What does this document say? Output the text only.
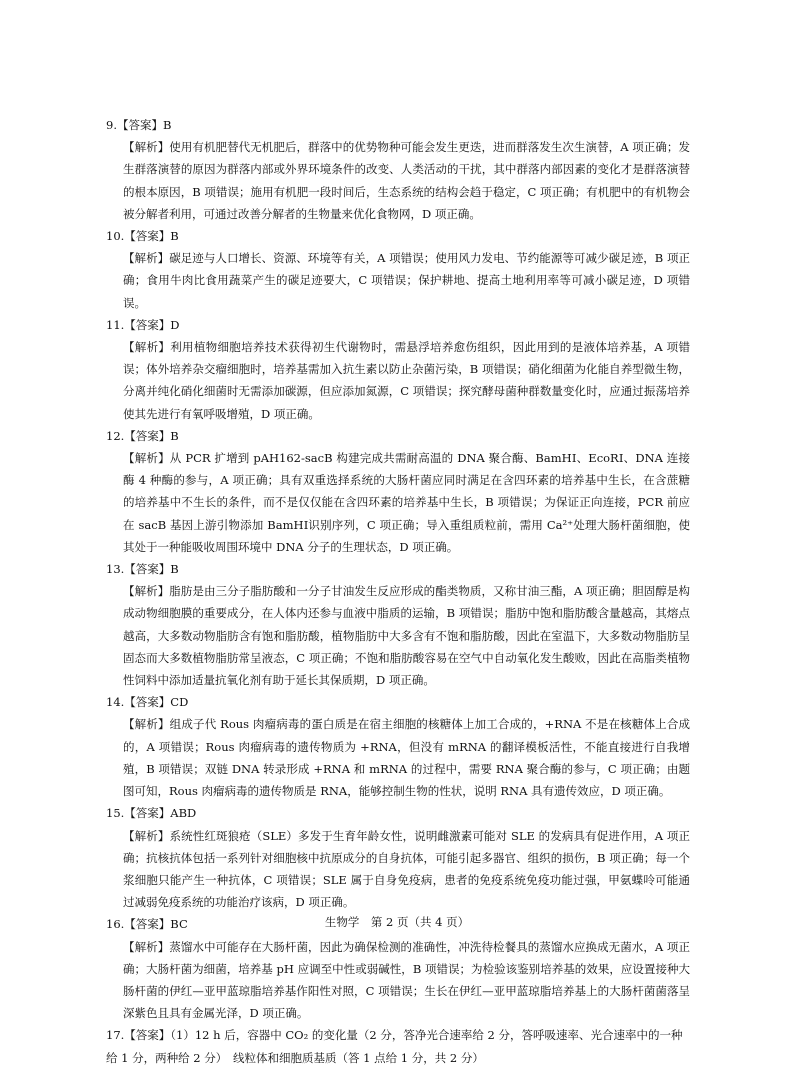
9.【答案】B

【解析】使用有机肥替代无机肥后，群落中的优势物种可能会发生更迭，进而群落发生次生演替，A 项正确；发生群落演替的原因为群落内部或外界环境条件的改变、人类活动的干扰，其中群落内部因素的变化才是群落演替的根本原因，B 项错误；施用有机肥一段时间后，生态系统的结构会趋于稳定，C 项正确；有机肥中的有机物会被分解者利用，可通过改善分解者的生物量来优化食物网，D 项正确。

10.【答案】B

【解析】碳足迹与人口增长、资源、环境等有关，A 项错误；使用风力发电、节约能源等可减少碳足迹，B 项正确；食用牛肉比食用蔬菜产生的碳足迹要大，C 项错误；保护耕地、提高土地利用率等可减小碳足迹，D 项错误。

11.【答案】D

【解析】利用植物细胞培养技术获得初生代谢物时，需悬浮培养愈伤组织，因此用到的是液体培养基，A 项错误；体外培养杂交瘤细胞时，培养基需加入抗生素以防止杂菌污染，B 项错误；硝化细菌为化能自养型微生物，分离并纯化硝化细菌时无需添加碳源，但应添加氮源，C 项错误；探究酵母菌种群数量变化时，应通过振荡培养使其先进行有氧呼吸增殖，D 项正确。

12.【答案】B

【解析】从 PCR 扩增到 pAH162-sacB 构建完成共需耐高温的 DNA 聚合酶、BamHⅠ、EcoRⅠ、DNA 连接酶 4 种酶的参与，A 项正确；具有双重选择系统的大肠杆菌应同时满足在含四环素的培养基中生长，在含蔗糖的培养基中不生长的条件，而不是仅仅能在含四环素的培养基中生长，B 项错误；为保证正向连接，PCR 前应在 sacB 基因上游引物添加 BamHⅠ识别序列，C 项正确；导入重组质粒前，需用 Ca²⁺处理大肠杆菌细胞，使其处于一种能吸收周围环境中 DNA 分子的生理状态，D 项正确。

13.【答案】B

【解析】脂肪是由三分子脂肪酸和一分子甘油发生反应形成的酯类物质，又称甘油三酯，A 项正确；胆固醇是构成动物细胞膜的重要成分，在人体内还参与血液中脂质的运输，B 项错误；脂肪中饱和脂肪酸含量越高，其熔点越高，大多数动物脂肪含有饱和脂肪酸，植物脂肪中大多含有不饱和脂肪酸，因此在室温下，大多数动物脂肪呈固态而大多数植物脂肪常呈液态，C 项正确；不饱和脂肪酸容易在空气中自动氧化发生酸败，因此在高脂类植物性饲料中添加适量抗氧化剂有助于延长其保质期，D 项正确。

14.【答案】CD

【解析】组成子代 Rous 肉瘤病毒的蛋白质是在宿主细胞的核糖体上加工合成的，+RNA 不是在核糖体上合成的，A 项错误；Rous 肉瘤病毒的遗传物质为 +RNA，但没有 mRNA 的翻译模板活性，不能直接进行自我增殖，B 项错误；双链 DNA 转录形成 +RNA 和 mRNA 的过程中，需要 RNA 聚合酶的参与，C 项正确；由题图可知，Rous 肉瘤病毒的遗传物质是 RNA，能够控制生物的性状，说明 RNA 具有遗传效应，D 项正确。

15.【答案】ABD

【解析】系统性红斑狼疮（SLE）多发于生育年龄女性，说明雌激素可能对 SLE 的发病具有促进作用，A 项正确；抗核抗体包括一系列针对细胞核中抗原成分的自身抗体，可能引起多器官、组织的损伤，B 项正确；每一个浆细胞只能产生一种抗体，C 项错误；SLE 属于自身免疫病，患者的免疫系统免疫功能过强，甲氨蝶呤可能通过减弱免疫系统的功能治疗该病，D 项正确。

16.【答案】BC

【解析】蒸馏水中可能存在大肠杆菌，因此为确保检测的准确性，冲洗待检餐具的蒸馏水应换成无菌水，A 项正确；大肠杆菌为细菌，培养基 pH 应调至中性或弱碱性，B 项错误；为检验该鉴别培养基的效果，应设置接种大肠杆菌的伊红—亚甲蓝琼脂培养基作阳性对照，C 项错误；生长在伊红—亚甲蓝琼脂培养基上的大肠杆菌菌落呈深紫色且具有金属光泽，D 项正确。

17.【答案】（1）12 h 后，容器中 CO₂ 的变化量（2 分，答净光合速率给 2 分，答呼吸速率、光合速率中的一种给 1 分，两种给 2 分）　线粒体和细胞质基质（答 1 点给 1 分，共 2 分）

生物学　第 2 页（共 4 页）
